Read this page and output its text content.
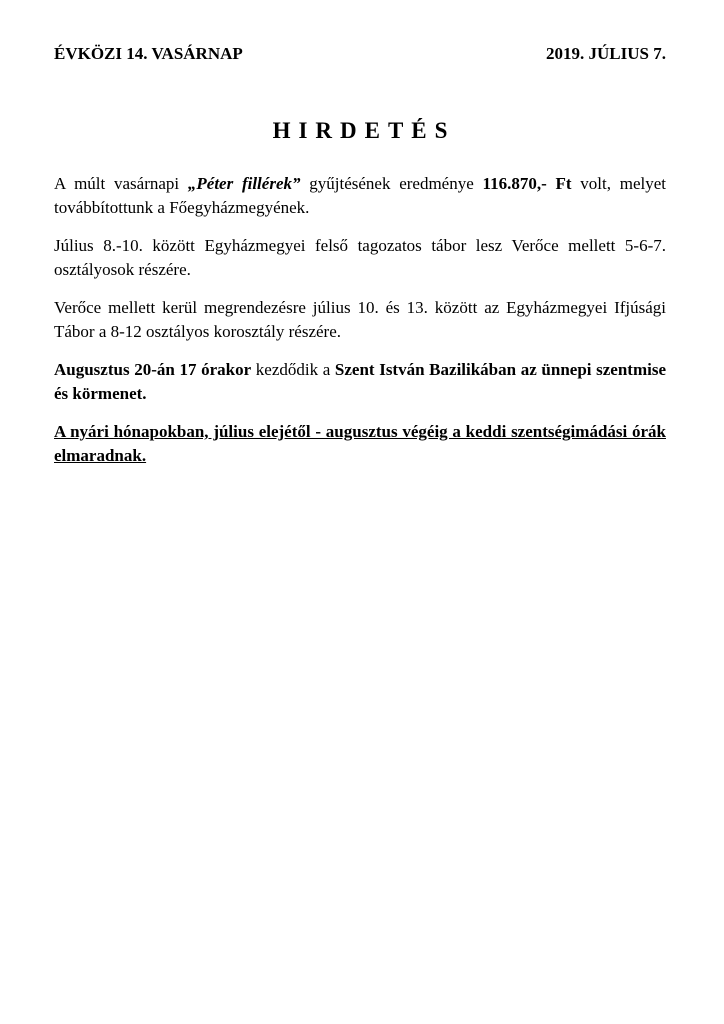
ÉVKÖZI 14. VASÁRNAP	2019. JÚLIUS 7.
HIRDETÉS

A múlt vasárnapi „Péter fillérek” gyűjtésének eredménye 116.870,- Ft volt, melyet továbbítottunk a Főegyházmegyének.

Július 8.-10. között Egyházmegyei felső tagozatos tábor lesz Verőce mellett 5-6-7. osztályosok részére.

Verőce mellett kerül megrendezésre július 10. és 13. között az Egyházmegyei Ifjúsági Tábor a 8-12 osztályos korosztály részére.

Augusztus 20-án 17 órakor kezdődik a Szent István Bazilikában az ünnepi szentmise és körmenet.

A nyári hónapokban, július elejétől - augusztus végéig a keddi szentségimádási órák elmaradnak.
